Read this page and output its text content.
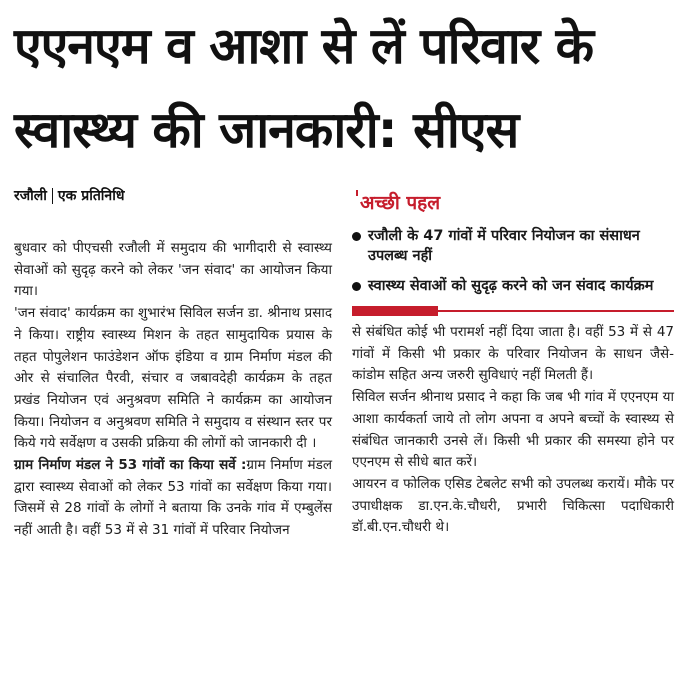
एएनएम व आशा से लें परिवार के
स्वास्थ्य की जानकारी: सीएस
रजौली एक प्रतिनिधि

बुधवार को पीएचसी रजौली में समुदाय की भागीदारी से स्वास्थ्य सेवाओं को सुदृढ़ करने को लेकर 'जन संवाद' का आयोजन किया गया।

'जन संवाद' कार्यक्रम का शुभारंभ सिविल सर्जन डा. श्रीनाथ प्रसाद ने किया। राष्ट्रीय स्वास्थ्य मिशन के तहत सामुदायिक प्रयास के तहत पोपुलेशन फाउंडेशन ऑफ इंडिया व ग्राम निर्माण मंडल की ओर से संचालित पैरवी, संचार व जबावदेही कार्यक्रम के तहत प्रखंड नियोजन एवं अनुश्रवण समिति ने कार्यक्रम का आयोजन किया। नियोजन व अनुश्रवण समिति ने समुदाय व संस्थान स्तर पर किये गये सर्वेक्षण व उसकी प्रक्रिया की लोगों को जानकारी दी ।

ग्राम निर्माण मंडल ने 53 गांवों का किया सर्वे :ग्राम निर्माण मंडल द्वारा स्वास्थ्य सेवाओं को लेकर 53 गांवों का सर्वेक्षण किया गया। जिसमें से 28 गांवों के लोगों ने बताया कि उनके गांव में एम्बुलेंस नहीं आती है। वहीं 53 में से 31 गांवों में परिवार नियोजन

अच्छी पहल
रजौली के 47 गांवों में परिवार नियोजन का संसाधन उपलब्ध नहीं
स्वास्थ्य सेवाओं को सुदृढ़ करने को जन संवाद कार्यक्रम

से संबंधित कोई भी परामर्श नहीं दिया जाता है। वहीं 53 में से 47 गांवों में किसी भी प्रकार के परिवार नियोजन के साधन जैसे- कांडोम सहित अन्य जरुरी सुविधाएं नहीं मिलती हैं।

सिविल सर्जन श्रीनाथ प्रसाद ने कहा कि जब भी गांव में एएनएम या आशा कार्यकर्ता जाये तो लोग अपना व अपने बच्चों के स्वास्थ्य से संबंधित जानकारी उनसे लें। किसी भी प्रकार की समस्या होने पर एएनएम से सीधे बात करें।

आयरन व फोलिक एसिड टेबलेट सभी को उपलब्ध करायें। मौके पर उपाधीक्षक डा.एन.के.चौधरी, प्रभारी चिकित्सा पदाधिकारी डॉ.बी.एन.चौधरी थे।
